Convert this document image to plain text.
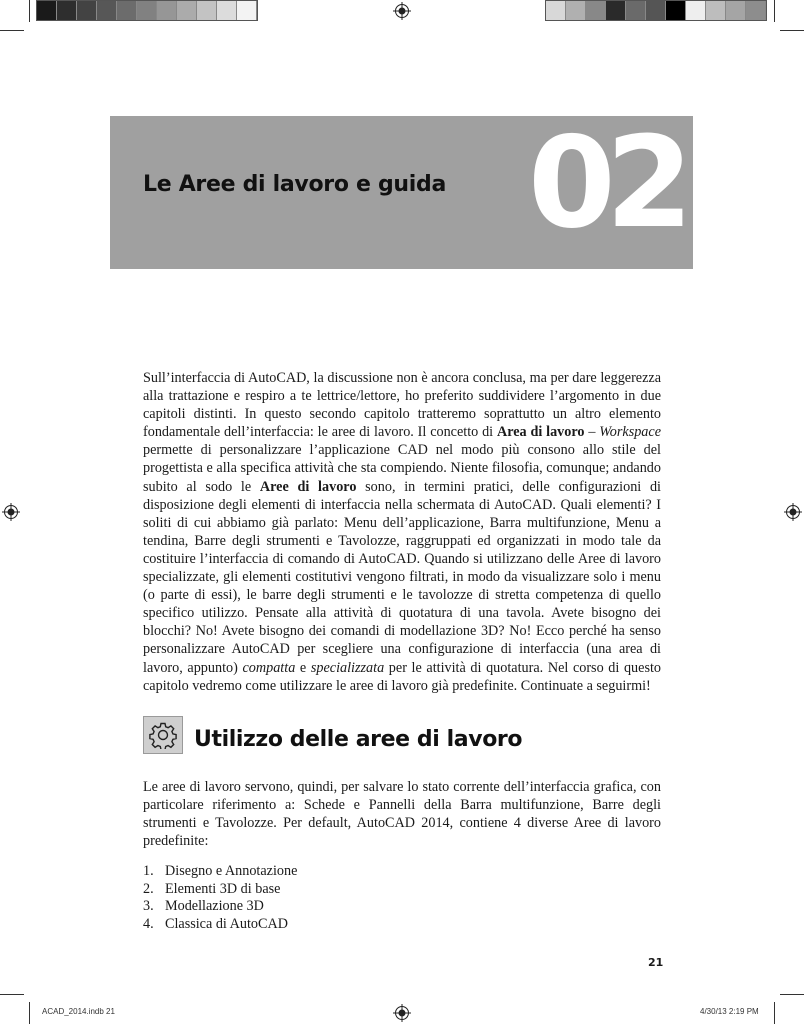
Le Aree di lavoro e guida 02

Sull’interfaccia di AutoCAD, la discussione non è ancora conclusa, ma per dare leggerezza alla trattazione e respiro a te lettrice/lettore, ho preferito suddividere l’argomento in due capitoli distinti. In questo secondo capitolo tratteremo soprattutto un altro elemento fondamentale dell’interfaccia: le aree di lavoro. Il concetto di Area di lavoro – Workspace permette di personalizzare l’applicazione CAD nel modo più consono allo stile del progettista e alla specifica attività che sta compiendo. Niente filosofia, comunque; andando subito al sodo le Aree di lavoro sono, in termini pratici, delle configurazioni di disposizione degli elementi di interfaccia nella schermata di AutoCAD. Quali elementi? I soliti di cui abbiamo già parlato: Menu dell’applicazione, Barra multifunzione, Menu a tendina, Barre degli strumenti e Tavolozze, raggruppati ed organizzati in modo tale da costituire l’interfaccia di comando di AutoCAD. Quando si utilizzano delle Aree di lavoro specializzate, gli elementi costitutivi vengono filtrati, in modo da visualizzare solo i menu (o parte di essi), le barre degli strumenti e le tavolozze di stretta competenza di quello specifico utilizzo. Pensate alla attività di quotatura di una tavola. Avete bisogno dei blocchi? No! Avete bisogno dei comandi di modellazione 3D? No! Ecco perché ha senso personalizzare AutoCAD per scegliere una configurazione di interfaccia (una area di lavoro, appunto) compatta e specializzata per le attività di quotatura. Nel corso di questo capitolo vedremo come utilizzare le aree di lavoro già predefinite. Continuate a seguirmi!

Utilizzo delle aree di lavoro

Le aree di lavoro servono, quindi, per salvare lo stato corrente dell’interfaccia grafica, con particolare riferimento a: Schede e Pannelli della Barra multifunzione, Barre degli strumenti e Tavolozze. Per default, AutoCAD 2014, contiene 4 diverse Aree di lavoro predefinite:

1. Disegno e Annotazione
2. Elementi 3D di base
3. Modellazione 3D
4. Classica di AutoCAD
21
ACAD_2014.indb 21	4/30/13 2:19 PM
